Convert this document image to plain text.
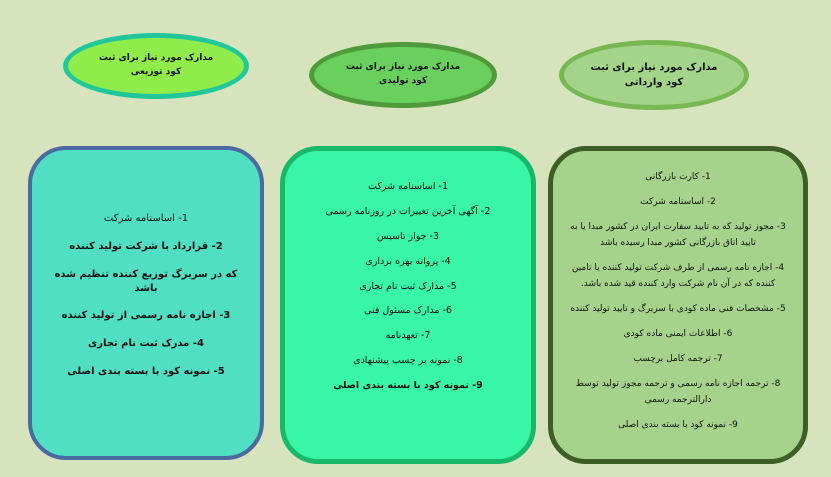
مدارک مورد نیاز برای ثبت
کود توزیعی	مدارک مورد نیاز برای ثبت
کود تولیدی
مدارک مورد نیاز برای ثبت
کود وارداتی
1- اساسنامه شرکت
2- قرارداد با شرکت تولید کننده
که در سربرگ توزیع کننده تنظیم شده باشد
3- اجازه نامه رسمی از تولید کننده
4- مدرک ثبت نام تجاری
5- نمونه کود با بسته بندی اصلی
1- اساسنامه شرکت
2- آگهی آخرین تغییرات در روزنامه رسمی
3- جواز تاسیس
4- پروانه بهره برداری
5- مدارک ثبت نام تجاری
6- مدارک مسئول فنی
7- تعهدنامه
8- نمونه بر چسب پیشنهادی
9- نمونه کود با بسته بندی اصلی
1- کارت بازرگانی
2- اساسنامه شرکت
3- مجوز تولید که به تایید سفارت ایران در کشور مبدا یا به تایید اتاق بازرگانی کشور مبدا رسیده باشد
4- اجازه نامه رسمی از طرف شرکت تولید کننده یا تامین کننده که در آن نام شرکت وارد کننده قید شده باشد.
5- مشخصات فنی ماده کودی با سربرگ و تایید تولید کننده
6- اطلاعات ایمنی ماده کودی
7- ترجمه کامل برچسب
8- ترجمه اجازه نامه رسمی و ترجمه مجوز تولید توسط دارالترجمه رسمی
9- نمونه کود با بسته بندی اصلی
